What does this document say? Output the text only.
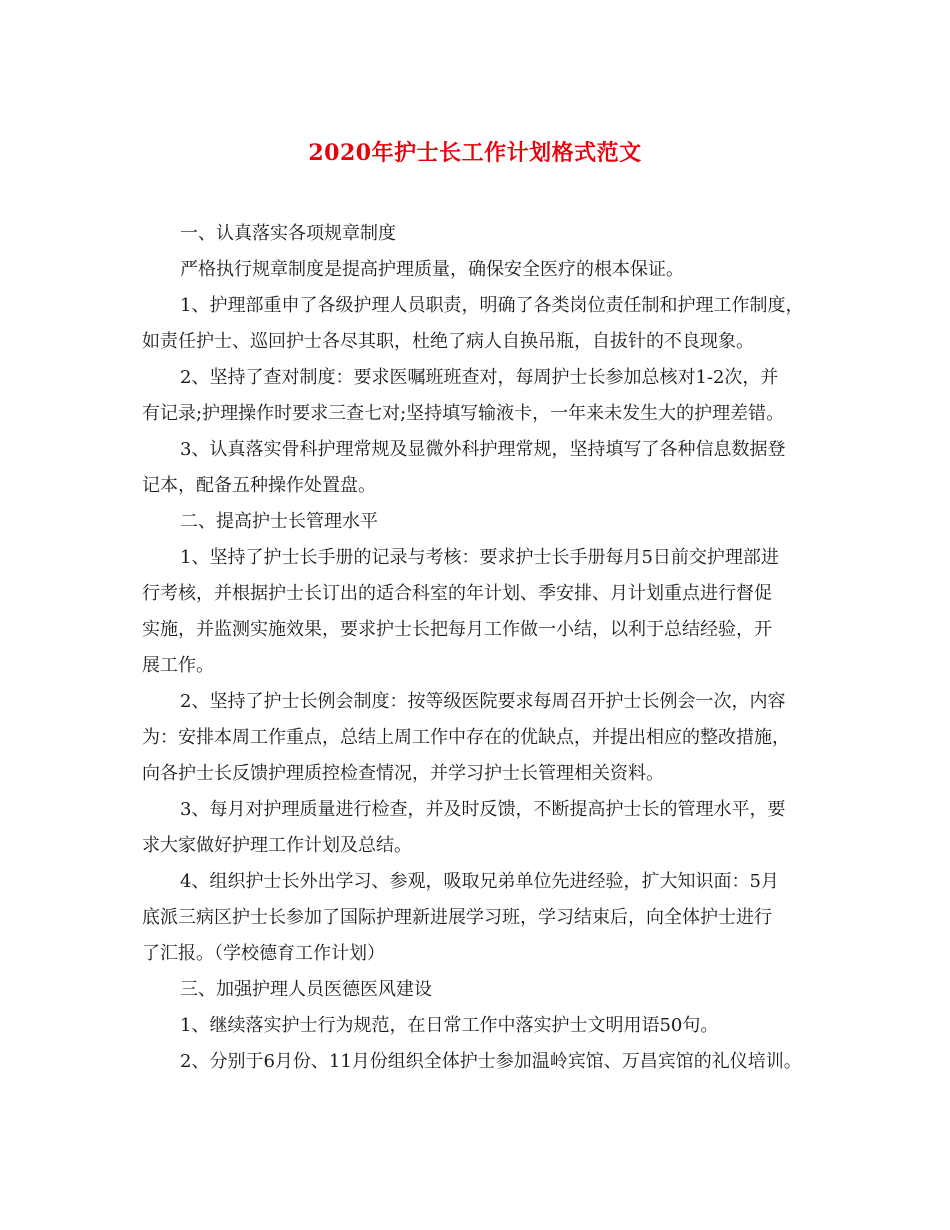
2020年护士长工作计划格式范文
一、认真落实各项规章制度
严格执行规章制度是提高护理质量，确保安全医疗的根本保证。
1、护理部重申了各级护理人员职责，明确了各类岗位责任制和护理工作制度，
如责任护士、巡回护士各尽其职，杜绝了病人自换吊瓶，自拔针的不良现象。
2、坚持了查对制度：要求医嘱班班查对，每周护士长参加总核对1-2次，并
有记录;护理操作时要求三查七对;坚持填写输液卡，一年来未发生大的护理差错。
3、认真落实骨科护理常规及显微外科护理常规，坚持填写了各种信息数据登
记本，配备五种操作处置盘。
二、提高护士长管理水平
1、坚持了护士长手册的记录与考核：要求护士长手册每月5日前交护理部进
行考核，并根据护士长订出的适合科室的年计划、季安排、月计划重点进行督促
实施，并监测实施效果，要求护士长把每月工作做一小结，以利于总结经验，开
展工作。
2、坚持了护士长例会制度：按等级医院要求每周召开护士长例会一次，内容
为：安排本周工作重点，总结上周工作中存在的优缺点，并提出相应的整改措施，
向各护士长反馈护理质控检查情况，并学习护士长管理相关资料。
3、每月对护理质量进行检查，并及时反馈，不断提高护士长的管理水平，要
求大家做好护理工作计划及总结。
4、组织护士长外出学习、参观，吸取兄弟单位先进经验，扩大知识面：5月
底派三病区护士长参加了国际护理新进展学习班，学习结束后，向全体护士进行
了汇报。（学校德育工作计划）
三、加强护理人员医德医风建设
1、继续落实护士行为规范，在日常工作中落实护士文明用语50句。
2、分别于6月份、11月份组织全体护士参加温岭宾馆、万昌宾馆的礼仪培训。
